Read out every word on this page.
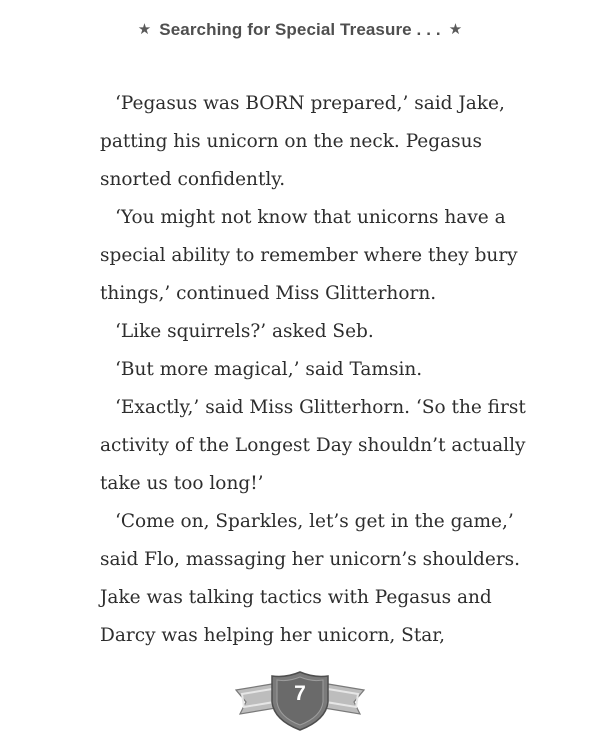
★ Searching for Special Treasure . . . ★
‘Pegasus was BORN prepared,’ said Jake,
patting his unicorn on the neck. Pegasus
snorted confidently.
‘You might not know that unicorns have a
special ability to remember where they bury
things,’ continued Miss Glitterhorn.
‘Like squirrels?’ asked Seb.
‘But more magical,’ said Tamsin.
‘Exactly,’ said Miss Glitterhorn. ‘So the first
activity of the Longest Day shouldn’t actually
take us too long!’
‘Come on, Sparkles, let’s get in the game,’
said Flo, massaging her unicorn’s shoulders.
Jake was talking tactics with Pegasus and
Darcy was helping her unicorn, Star,
7
